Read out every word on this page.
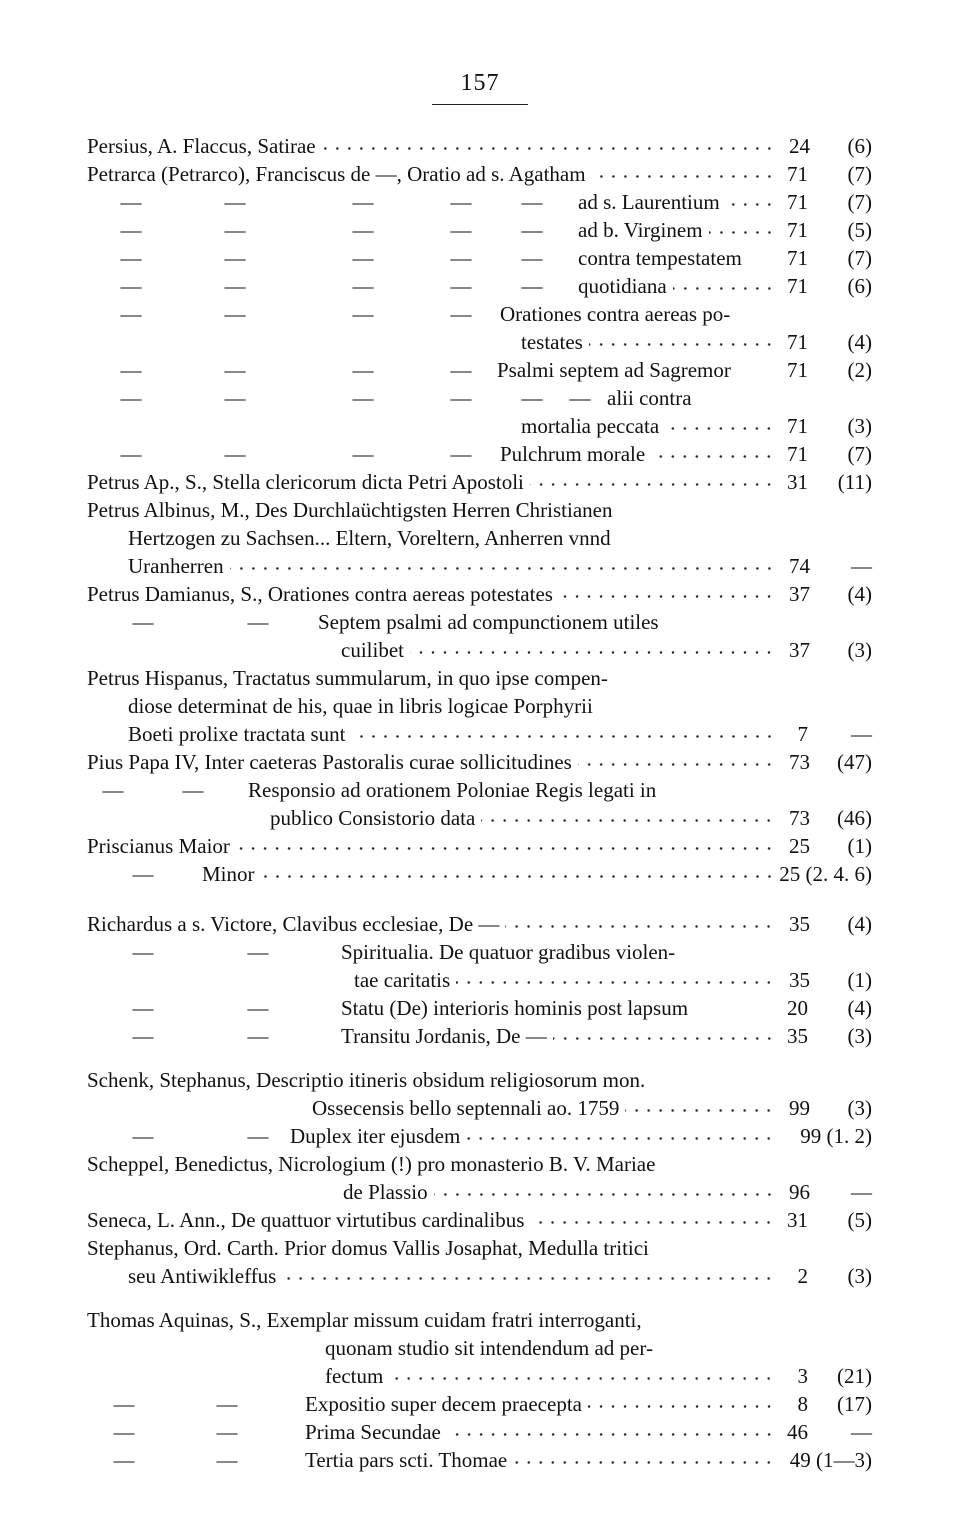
157
Persius, A. Flaccus, Satirae	24	(6)
Petrarca (Petrarco), Franciscus de —, Oratio ad s. Agatham	71	(7)
—	—	—	—	—	ad s. Laurentium	71	(7)
—	—	—	—	—	ad b. Virginem	71	(5)
—	—	—	—	—	contra tempestatem	71	(7)
—	—	—	—	—	quotidiana	71	(6)
—	—	—	—	Orationes contra aereas po-
testates	71	(4)
—	—	—	—	Psalmi septem ad Sagremor	71	(2)
—	—	—	—	—	— alii contra
mortalia peccata	71	(3)
—	—	—	—	Pulchrum morale	71	(7)
Petrus Ap., S., Stella clericorum dicta Petri Apostoli	31	(11)
Petrus Albinus, M., Des Durchlaüchtigsten Herren Christianen
Hertzogen zu Sachsen... Eltern, Voreltern, Anherren vnnd
Uranherren	74	—
Petrus Damianus, S., Orationes contra aereas potestates	37	(4)
—	—	Septem psalmi ad compunctionem utiles
cuilibet	37	(3)
Petrus Hispanus, Tractatus summularum, in quo ipse compen-
diose determinat de his, quae in libris logicae Porphyrii
Boeti prolixe tractata sunt	7	—
Pius Papa IV, Inter caeteras Pastoralis curae sollicitudines	73	(47)
—	—	Responsio ad orationem Poloniae Regis legati in
publico Consistorio data	73	(46)
Priscianus Maior	25	(1)
—	Minor	25 (2. 4. 6)
Richardus a s. Victore, Clavibus ecclesiae, De —	35	(4)
—	—	Spiritualia. De quatuor gradibus violen-
tae caritatis	35	(1)
—	—	Statu (De) interioris hominis post lapsum	20	(4)
—	—	Transitu Jordanis, De —	35	(3)
Schenk, Stephanus, Descriptio itineris obsidum religiosorum mon.
Ossecensis bello septennali ao. 1759	99	(3)
—	—	Duplex iter ejusdem	99 (1. 2)
Scheppel, Benedictus, Nicrologium (!) pro monasterio B. V. Mariae
de Plassio	96	—
Seneca, L. Ann., De quattuor virtutibus cardinalibus	31	(5)
Stephanus, Ord. Carth. Prior domus Vallis Josaphat, Medulla tritici
seu Antiwikleffus	2	(3)
Thomas Aquinas, S., Exemplar missum cuidam fratri interroganti,
quonam studio sit intendendum ad per-
fectum	3	(21)
—	—	Expositio super decem praecepta	8	(17)
—	—	Prima Secundae	46	—
—	—	Tertia pars scti. Thomae	49 (1—3)
